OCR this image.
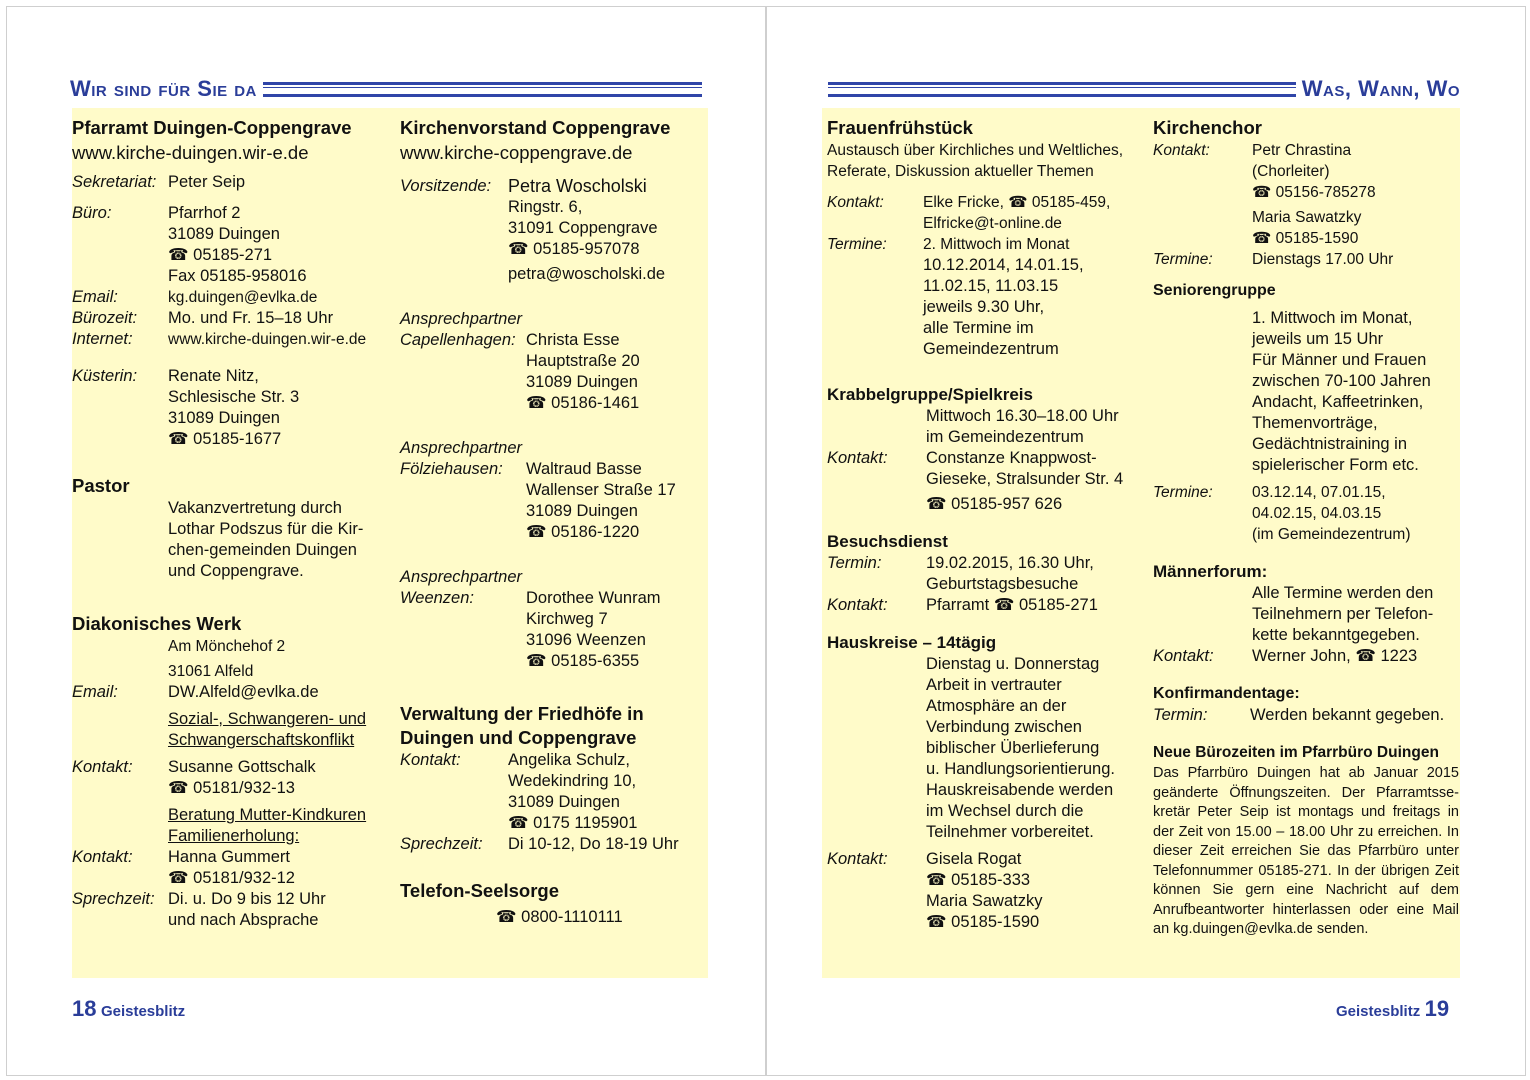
Wir sind für Sie da
Pfarramt Duingen-Coppengrave
www.kirche-duingen.wir-e.de
Sekretariat: Peter Seip
Büro:	Pfarrhof 2
31089 Duingen
☎ 05185-271
Fax 05185-958016
Email:	kg.duingen@evlka.de
Bürozeit:	Mo. und Fr. 15–18 Uhr
Internet:	www.kirche-duingen.wir-e.de
Küsterin:	Renate Nitz,
Schlesische Str. 3
31089 Duingen
☎ 05185-1677
Pastor
Vakanzvertretung durch
Lothar Podszus für die Kir-
chen-gemeinden Duingen
und Coppengrave.
Diakonisches Werk
Am Mönchehof 2
31061 Alfeld
Email:	DW.Alfeld@evlka.de
Sozial-, Schwangeren- und
Schwangerschaftskonflikt
Kontakt:	Susanne Gottschalk
☎ 05181/932-13
Beratung Mutter-Kindkuren
Familienerholung:
Kontakt:	Hanna Gummert
☎ 05181/932-12
Sprechzeit: Di. u. Do 9 bis 12 Uhr
und nach Absprache
Kirchenvorstand Coppengrave
www.kirche-coppengrave.de
Vorsitzende: Petra Woscholski
Ringstr. 6,
31091 Coppengrave
☎ 05185-957078
petra@woscholski.de
Ansprechpartner
Capellenhagen: Christa Esse
Hauptstraße 20
31089 Duingen
☎ 05186-1461
Ansprechpartner
Fölziehausen:	Waltraud Basse
Wallenser Straße 17
31089 Duingen
☎ 05186-1220
Ansprechpartner
Weenzen:	Dorothee Wunram
Kirchweg 7
31096 Weenzen
☎ 05185-6355
Verwaltung der Friedhöfe in
Duingen und Coppengrave
Kontakt:	Angelika Schulz,
Wedekindring 10,
31089 Duingen
☎ 0175 1195901
Sprechzeit:	Di 10-12, Do 18-19 Uhr
Telefon-Seelsorge
☎ 0800-1110111
18 Geistesblitz
Was, Wann, Wo
Frauenfrühstück
Austausch über Kirchliches und Weltliches,
Referate, Diskussion aktueller Themen
Kontakt:	Elke Fricke, ☎ 05185-459,
Elfricke@t-online.de
Termine:	2. Mittwoch im Monat
10.12.2014, 14.01.15,
11.02.15, 11.03.15
jeweils 9.30 Uhr,
alle Termine im
Gemeindezentrum
Krabbelgruppe/Spielkreis
Mittwoch 16.30–18.00 Uhr
im Gemeindezentrum
Kontakt:	Constanze Knappwost-
Gieseke, Stralsunder Str. 4
☎ 05185-957 626
Besuchsdienst
Termin:	19.02.2015, 16.30 Uhr,
Geburtstagsbesuche
Kontakt:	Pfarramt ☎ 05185-271
Hauskreise – 14tägig
Dienstag u. Donnerstag
Arbeit in vertrauter
Atmosphäre an der
Verbindung zwischen
biblischer Überlieferung
u. Handlungsorientierung.
Hauskreisabende werden
im Wechsel durch die
Teilnehmer vorbereitet.
Kontakt:	Gisela Rogat
☎ 05185-333
Maria Sawatzky
☎ 05185-1590
Kirchenchor
Kontakt:	Petr Chrastina
(Chorleiter)
☎ 05156-785278
Maria Sawatzky
☎ 05185-1590
Termine:	Dienstags 17.00 Uhr
Seniorengruppe
1. Mittwoch im Monat,
jeweils um 15 Uhr
Für Männer und Frauen
zwischen 70-100 Jahren
Andacht, Kaffeetrinken,
Themenvorträge,
Gedächtnistraining in
spielerischer Form etc.
Termine:	03.12.14, 07.01.15,
04.02.15, 04.03.15
(im Gemeindezentrum)
Männerforum:
Alle Termine werden den
Teilnehmern per Telefon-
kette bekanntgegeben.
Kontakt:	Werner John, ☎ 1223
Konfirmandentage:
Termin:	Werden bekannt gegeben.
Neue Bürozeiten im Pfarrbüro Duingen
Das Pfarrbüro Duingen hat ab Januar 2015 geänderte Öffnungszeiten. Der Pfarramtssekretär Peter Seip ist montags und freitags in der Zeit von 15.00 – 18.00 Uhr zu erreichen. In dieser Zeit erreichen Sie das Pfarrbüro unter Telefonnummer 05185-271. In der übrigen Zeit können Sie gern eine Nachricht auf dem Anrufbeantworter hinterlassen oder eine Mail an kg.duingen@evlka.de senden.
Geistesblitz 19
